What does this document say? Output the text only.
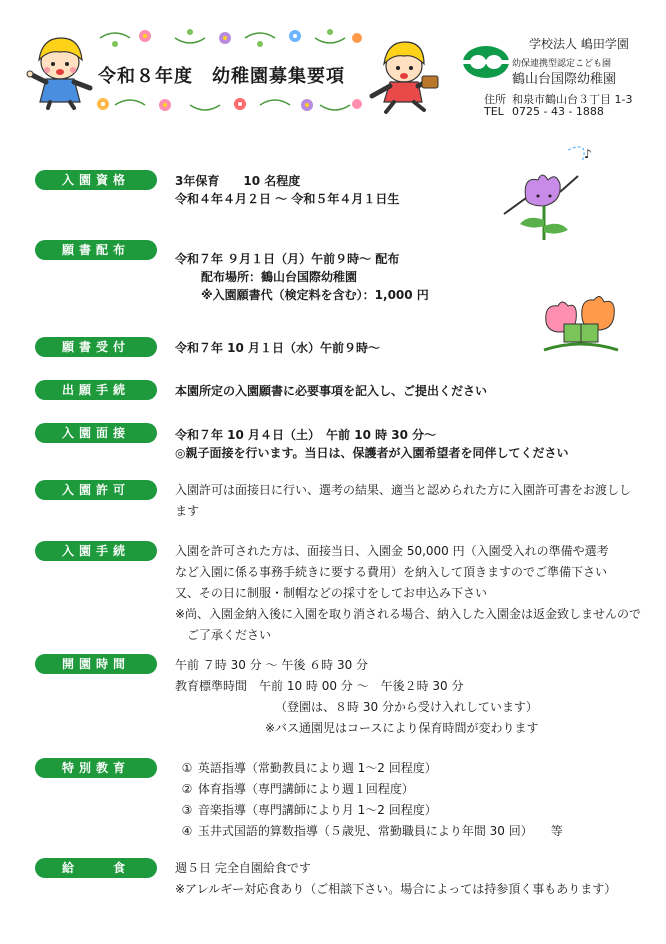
令和８年度　幼稚園募集要項
学校法人 嶋田学園
幼保連携型認定こども園
鶴山台国際幼稚園
住所 和泉市鶴山台３丁目 1-3
TEL 0725 - 43 - 1888
♪
入園資格	3年保育　　10 名程度
令和４年４月２日 ～ 令和５年４月１日生
願書配布
令和７年 ９月１日（月）午前９時～ 配布
配布場所：鶴山台国際幼稚園
※入園願書代（検定料を含む）：1,000 円
願書受付	令和７年 10 月１日（水）午前９時～
出願手続	本園所定の入園願書に必要事項を記入し、ご提出ください
入園面接	令和７年 10 月４日（土）　午前 10 時 30 分～
◎親子面接を行います。当日は、保護者が入園希望者を同伴してください
入園許可	入園許可は面接日に行い、選考の結果、適当と認められた方に入園許可書をお渡しします
入園手続	入園を許可された方は、面接当日、入園金 50,000 円（入園受入れの準備や選考
など入園に係る事務手続きに要する費用）を納入して頂きますのでご準備下さい
又、その日に制服・制帽などの採寸をしてお申込み下さい
※尚、入園金納入後に入園を取り消される場合、納入した入園金は返金致しませんので
ご了承ください
開園時間	午前 ７時 30 分 ～ 午後 ６時 30 分
教育標準時間　午前 10 時 00 分 ～　午後２時 30 分
（登園は、８時 30 分から受け入れしています）
※バス通園児はコースにより保育時間が変わります
特別教育	① 英語指導（常勤教員により週 1～2 回程度）
② 体育指導（専門講師により週１回程度）
③ 音楽指導（専門講師により月 1～2 回程度）
④ 玉井式国語的算数指導（５歳児、常勤職員により年間 30 回）　　等
給　　食	週５日 完全自園給食です
※アレルギー対応食あり（ご相談下さい。場合によっては持参頂く事もあります）
